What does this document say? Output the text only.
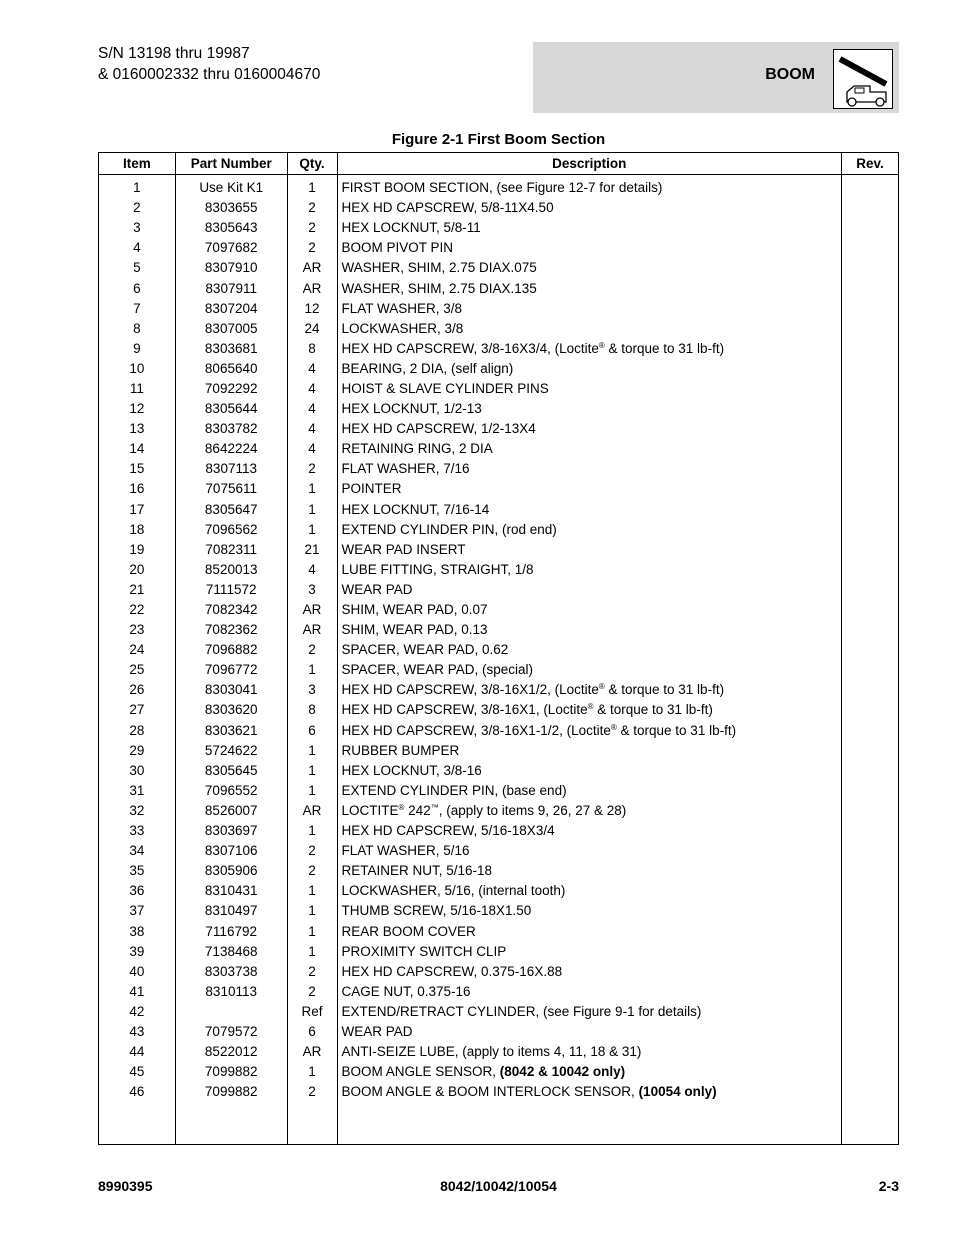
S/N 13198 thru 19987
& 0160002332 thru 0160004670	BOOM
Figure 2-1 First Boom Section
Item	Part Number	Qty.	Description	Rev.
1	Use Kit K1	1	FIRST BOOM SECTION, (see Figure 12-7 for details)	
2	8303655	2	HEX HD CAPSCREW, 5/8-11X4.50	
3	8305643	2	HEX LOCKNUT, 5/8-11	
4	7097682	2	BOOM PIVOT PIN	
5	8307910	AR	WASHER, SHIM, 2.75 DIAX.075	
6	8307911	AR	WASHER, SHIM, 2.75 DIAX.135	
7	8307204	12	FLAT WASHER, 3/8	
8	8307005	24	LOCKWASHER, 3/8	
9	8303681	8	HEX HD CAPSCREW, 3/8-16X3/4, (Loctite® & torque to 31 lb-ft)	
10	8065640	4	BEARING, 2 DIA, (self align)	
11	7092292	4	HOIST & SLAVE CYLINDER PINS	
12	8305644	4	HEX LOCKNUT, 1/2-13	
13	8303782	4	HEX HD CAPSCREW, 1/2-13X4	
14	8642224	4	RETAINING RING, 2 DIA	
15	8307113	2	FLAT WASHER, 7/16	
16	7075611	1	POINTER	
17	8305647	1	HEX LOCKNUT, 7/16-14	
18	7096562	1	EXTEND CYLINDER PIN, (rod end)	
19	7082311	21	WEAR PAD INSERT	
20	8520013	4	LUBE FITTING, STRAIGHT, 1/8	
21	7111572	3	WEAR PAD	
22	7082342	AR	SHIM, WEAR PAD, 0.07	
23	7082362	AR	SHIM, WEAR PAD, 0.13	
24	7096882	2	SPACER, WEAR PAD, 0.62	
25	7096772	1	SPACER, WEAR PAD, (special)	
26	8303041	3	HEX HD CAPSCREW, 3/8-16X1/2, (Loctite® & torque to 31 lb-ft)	
27	8303620	8	HEX HD CAPSCREW, 3/8-16X1, (Loctite® & torque to 31 lb-ft)	
28	8303621	6	HEX HD CAPSCREW, 3/8-16X1-1/2, (Loctite® & torque to 31 lb-ft)	
29	5724622	1	RUBBER BUMPER	
30	8305645	1	HEX LOCKNUT, 3/8-16	
31	7096552	1	EXTEND CYLINDER PIN, (base end)	
32	8526007	AR	LOCTITE® 242™, (apply to items 9, 26, 27 & 28)	
33	8303697	1	HEX HD CAPSCREW, 5/16-18X3/4	
34	8307106	2	FLAT WASHER, 5/16	
35	8305906	2	RETAINER NUT, 5/16-18	
36	8310431	1	LOCKWASHER, 5/16, (internal tooth)	
37	8310497	1	THUMB SCREW, 5/16-18X1.50	
38	7116792	1	REAR BOOM COVER	
39	7138468	1	PROXIMITY SWITCH CLIP	
40	8303738	2	HEX HD CAPSCREW, 0.375-16X.88	
41	8310113	2	CAGE NUT, 0.375-16	
42		Ref	EXTEND/RETRACT CYLINDER, (see Figure 9-1 for details)	
43	7079572	6	WEAR PAD	
44	8522012	AR	ANTI-SEIZE LUBE, (apply to items 4, 11, 18 & 31)	
45	7099882	1	BOOM ANGLE SENSOR, (8042 & 10042 only)	
46	7099882	2	BOOM ANGLE & BOOM INTERLOCK SENSOR, (10054 only)	

8990395	8042/10042/10054	2-3
